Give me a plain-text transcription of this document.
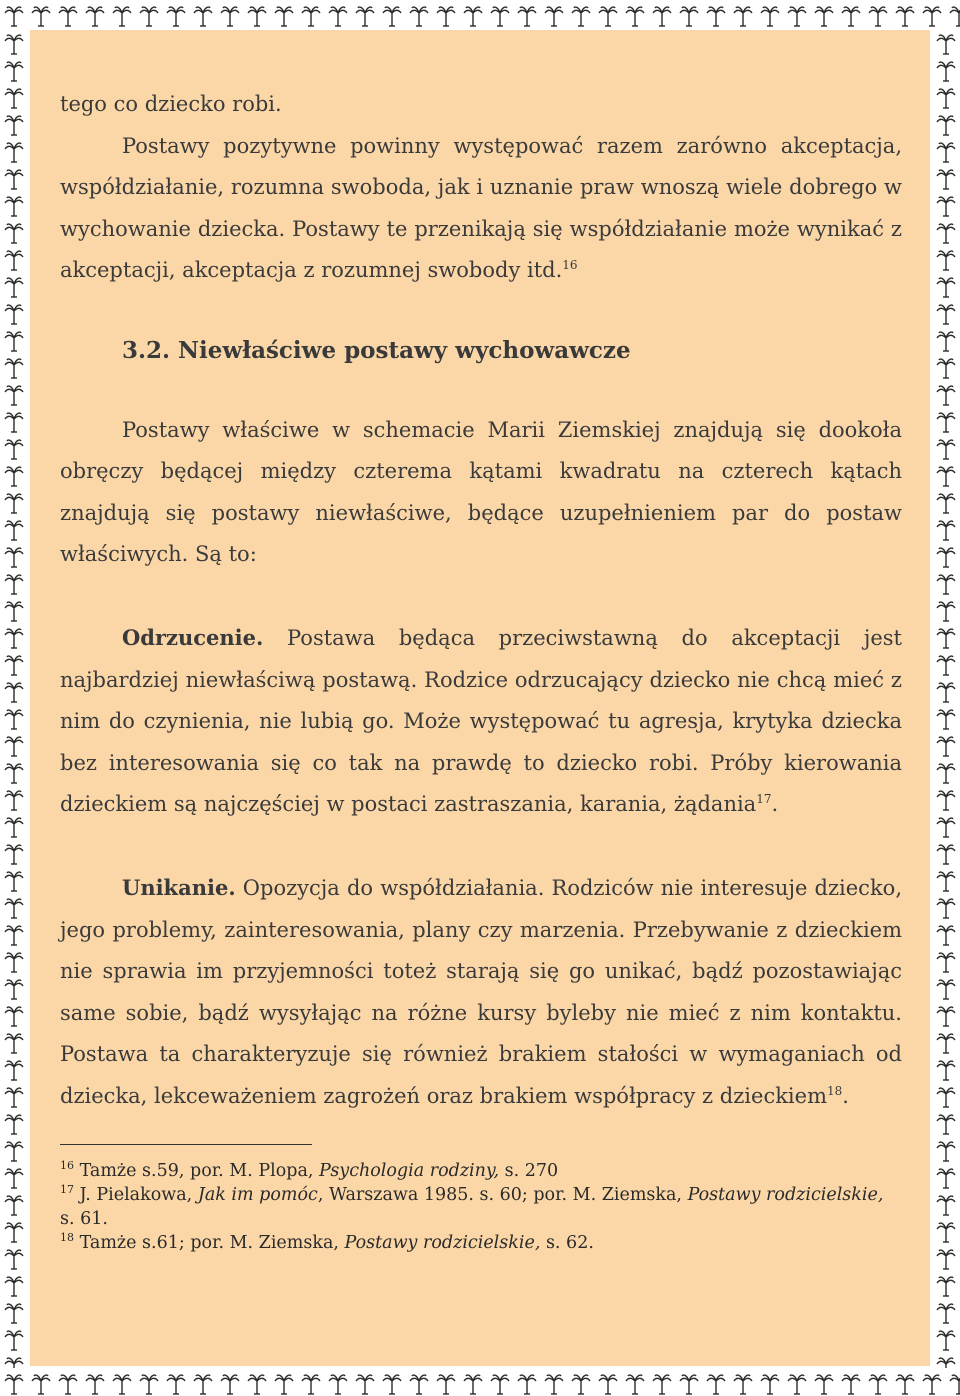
tego co dziecko robi.

Postawy pozytywne powinny występować razem zarówno akceptacja, współdziałanie, rozumna swoboda, jak i uznanie praw wnoszą wiele dobrego w wychowanie dziecka. Postawy te przenikają się współdziałanie może wynikać z akceptacji, akceptacja z rozumnej swobody itd.$^{16}$

3.2. Niewłaściwe postawy wychowawcze

Postawy właściwe w schemacie Marii Ziemskiej znajdują się dookoła obręczy będącej między czterema kątami kwadratu na czterech kątach znajdują się postawy niewłaściwe, będące uzupełnieniem par do postaw właściwych. Są to:

Odrzucenie. Postawa będąca przeciwstawną do akceptacji jest najbardziej niewłaściwą postawą. Rodzice odrzucający dziecko nie chcą mieć z nim do czynienia, nie lubią go. Może występować tu agresja, krytyka dziecka bez interesowania się co tak na prawdę to dziecko robi. Próby kierowania dzieckiem są najczęściej w postaci zastraszania, karania, żądania$^{17}$.

Unikanie. Opozycja do współdziałania. Rodziców nie interesuje dziecko, jego problemy, zainteresowania, plany czy marzenia. Przebywanie z dzieckiem nie sprawia im przyjemności toteż starają się go unikać, bądź pozostawiając same sobie, bądź wysyłając na różne kursy byleby nie mieć z nim kontaktu. Postawa ta charakteryzuje się również brakiem stałości w wymaganiach od dziecka, lekceważeniem zagrożeń oraz brakiem współpracy z dzieckiem$^{18}$.

$^{16}$ Tamże s.59, por. M. Plopa, Psychologia rodziny, s. 270

$^{17}$ J. Pielakowa, Jak im pomóc, Warszawa 1985. s. 60; por. M. Ziemska, Postawy rodzicielskie, s. 61.

$^{18}$ Tamże s.61; por. M. Ziemska, Postawy rodzicielskie, s. 62.
